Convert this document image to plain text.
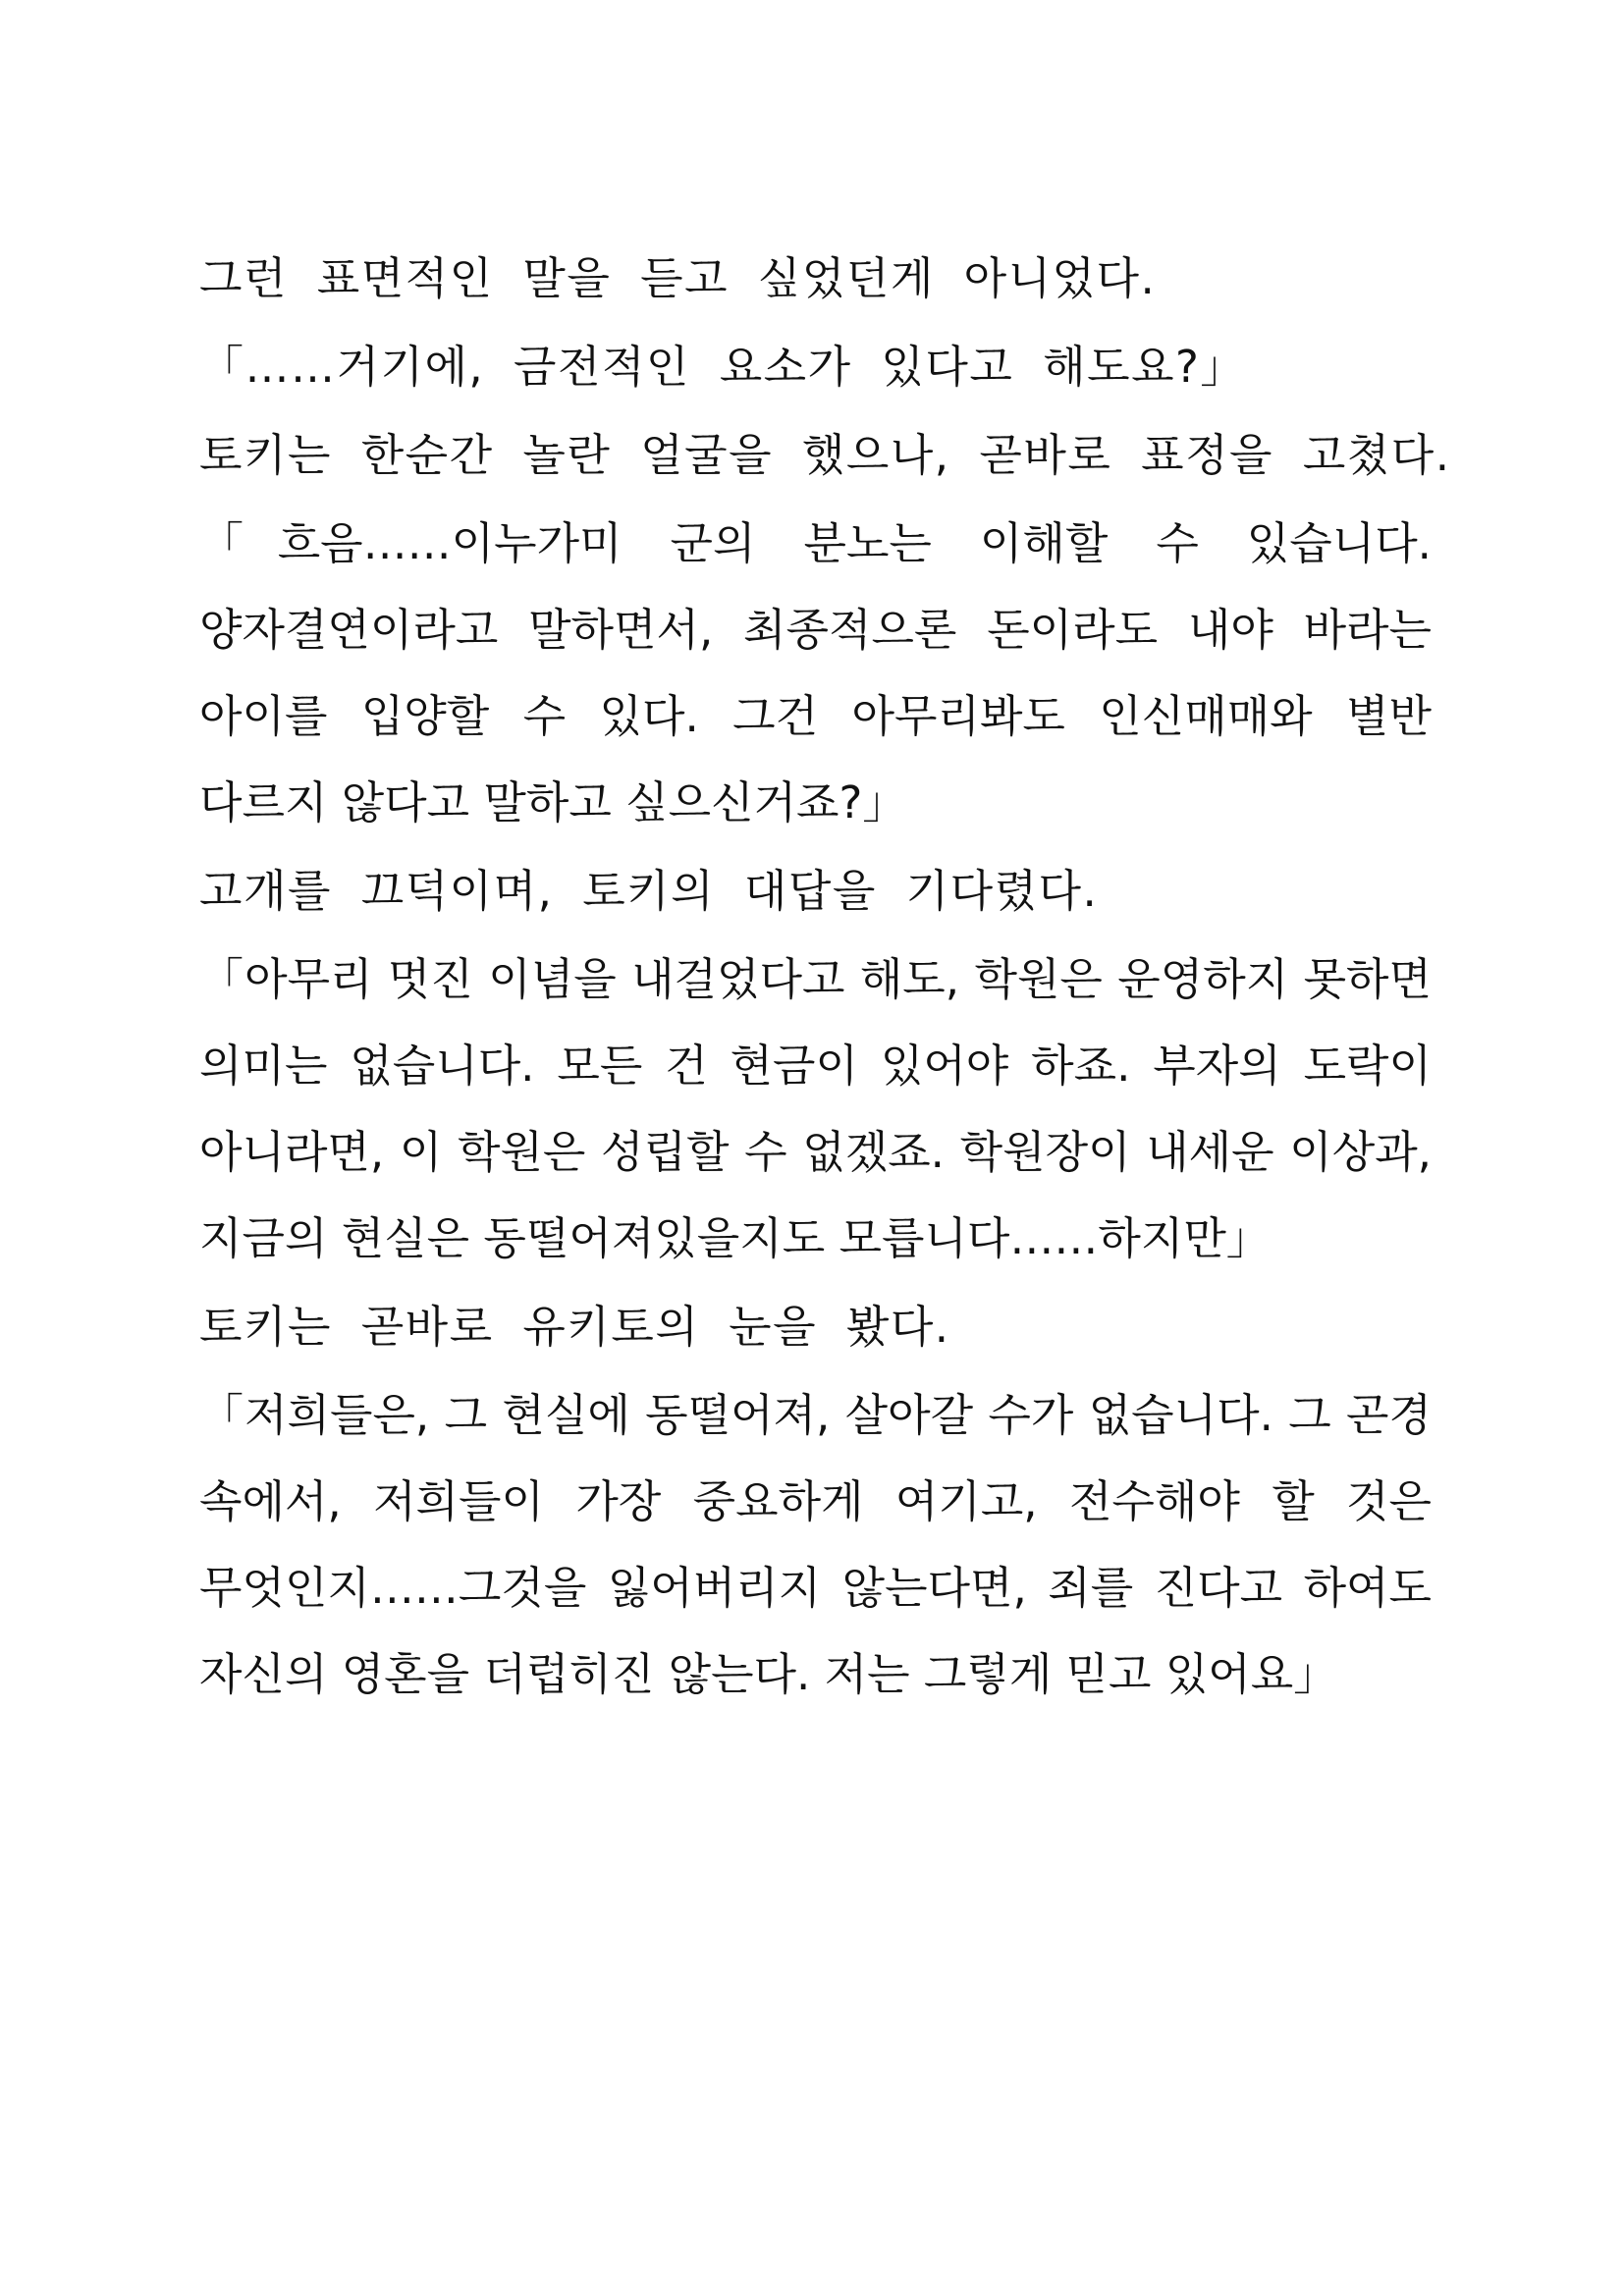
그런 표면적인 말을 듣고 싶었던게 아니었다.

「……거기에, 금전적인 요소가 있다고 해도요?」

토키는 한순간 놀란 얼굴을 했으나, 곧바로 표정을 고쳤다.

「흐음……이누가미 군의 분노는 이해할 수 있습니다. 양자결연이라고 말하면서, 최종적으론 돈이라도 내야 바라는 아이를 입양할 수 있다. 그건 아무리봐도 인신매매와 별반 다르지 않다고 말하고 싶으신거죠?」

고개를 끄덕이며, 토키의 대답을 기다렸다.

「아무리 멋진 이념을 내걸었다고 해도, 학원은 운영하지 못하면 의미는 없습니다. 모든 건 현금이 있어야 하죠. 부자의 도락이 아니라면, 이 학원은 성립할 수 없겠죠. 학원장이 내세운 이상과, 지금의 현실은 동떨어져있을지도 모릅니다……하지만」

토키는 곧바로 유키토의 눈을 봤다.

「저희들은, 그 현실에 동떨어져, 살아갈 수가 없습니다. 그 곤경 속에서, 저희들이 가장 중요하게 여기고, 전수해야 할 것은 무엇인지……그것을 잃어버리지 않는다면, 죄를 진다고 하여도 자신의 영혼을 더럽히진 않는다. 저는 그렇게 믿고 있어요」
